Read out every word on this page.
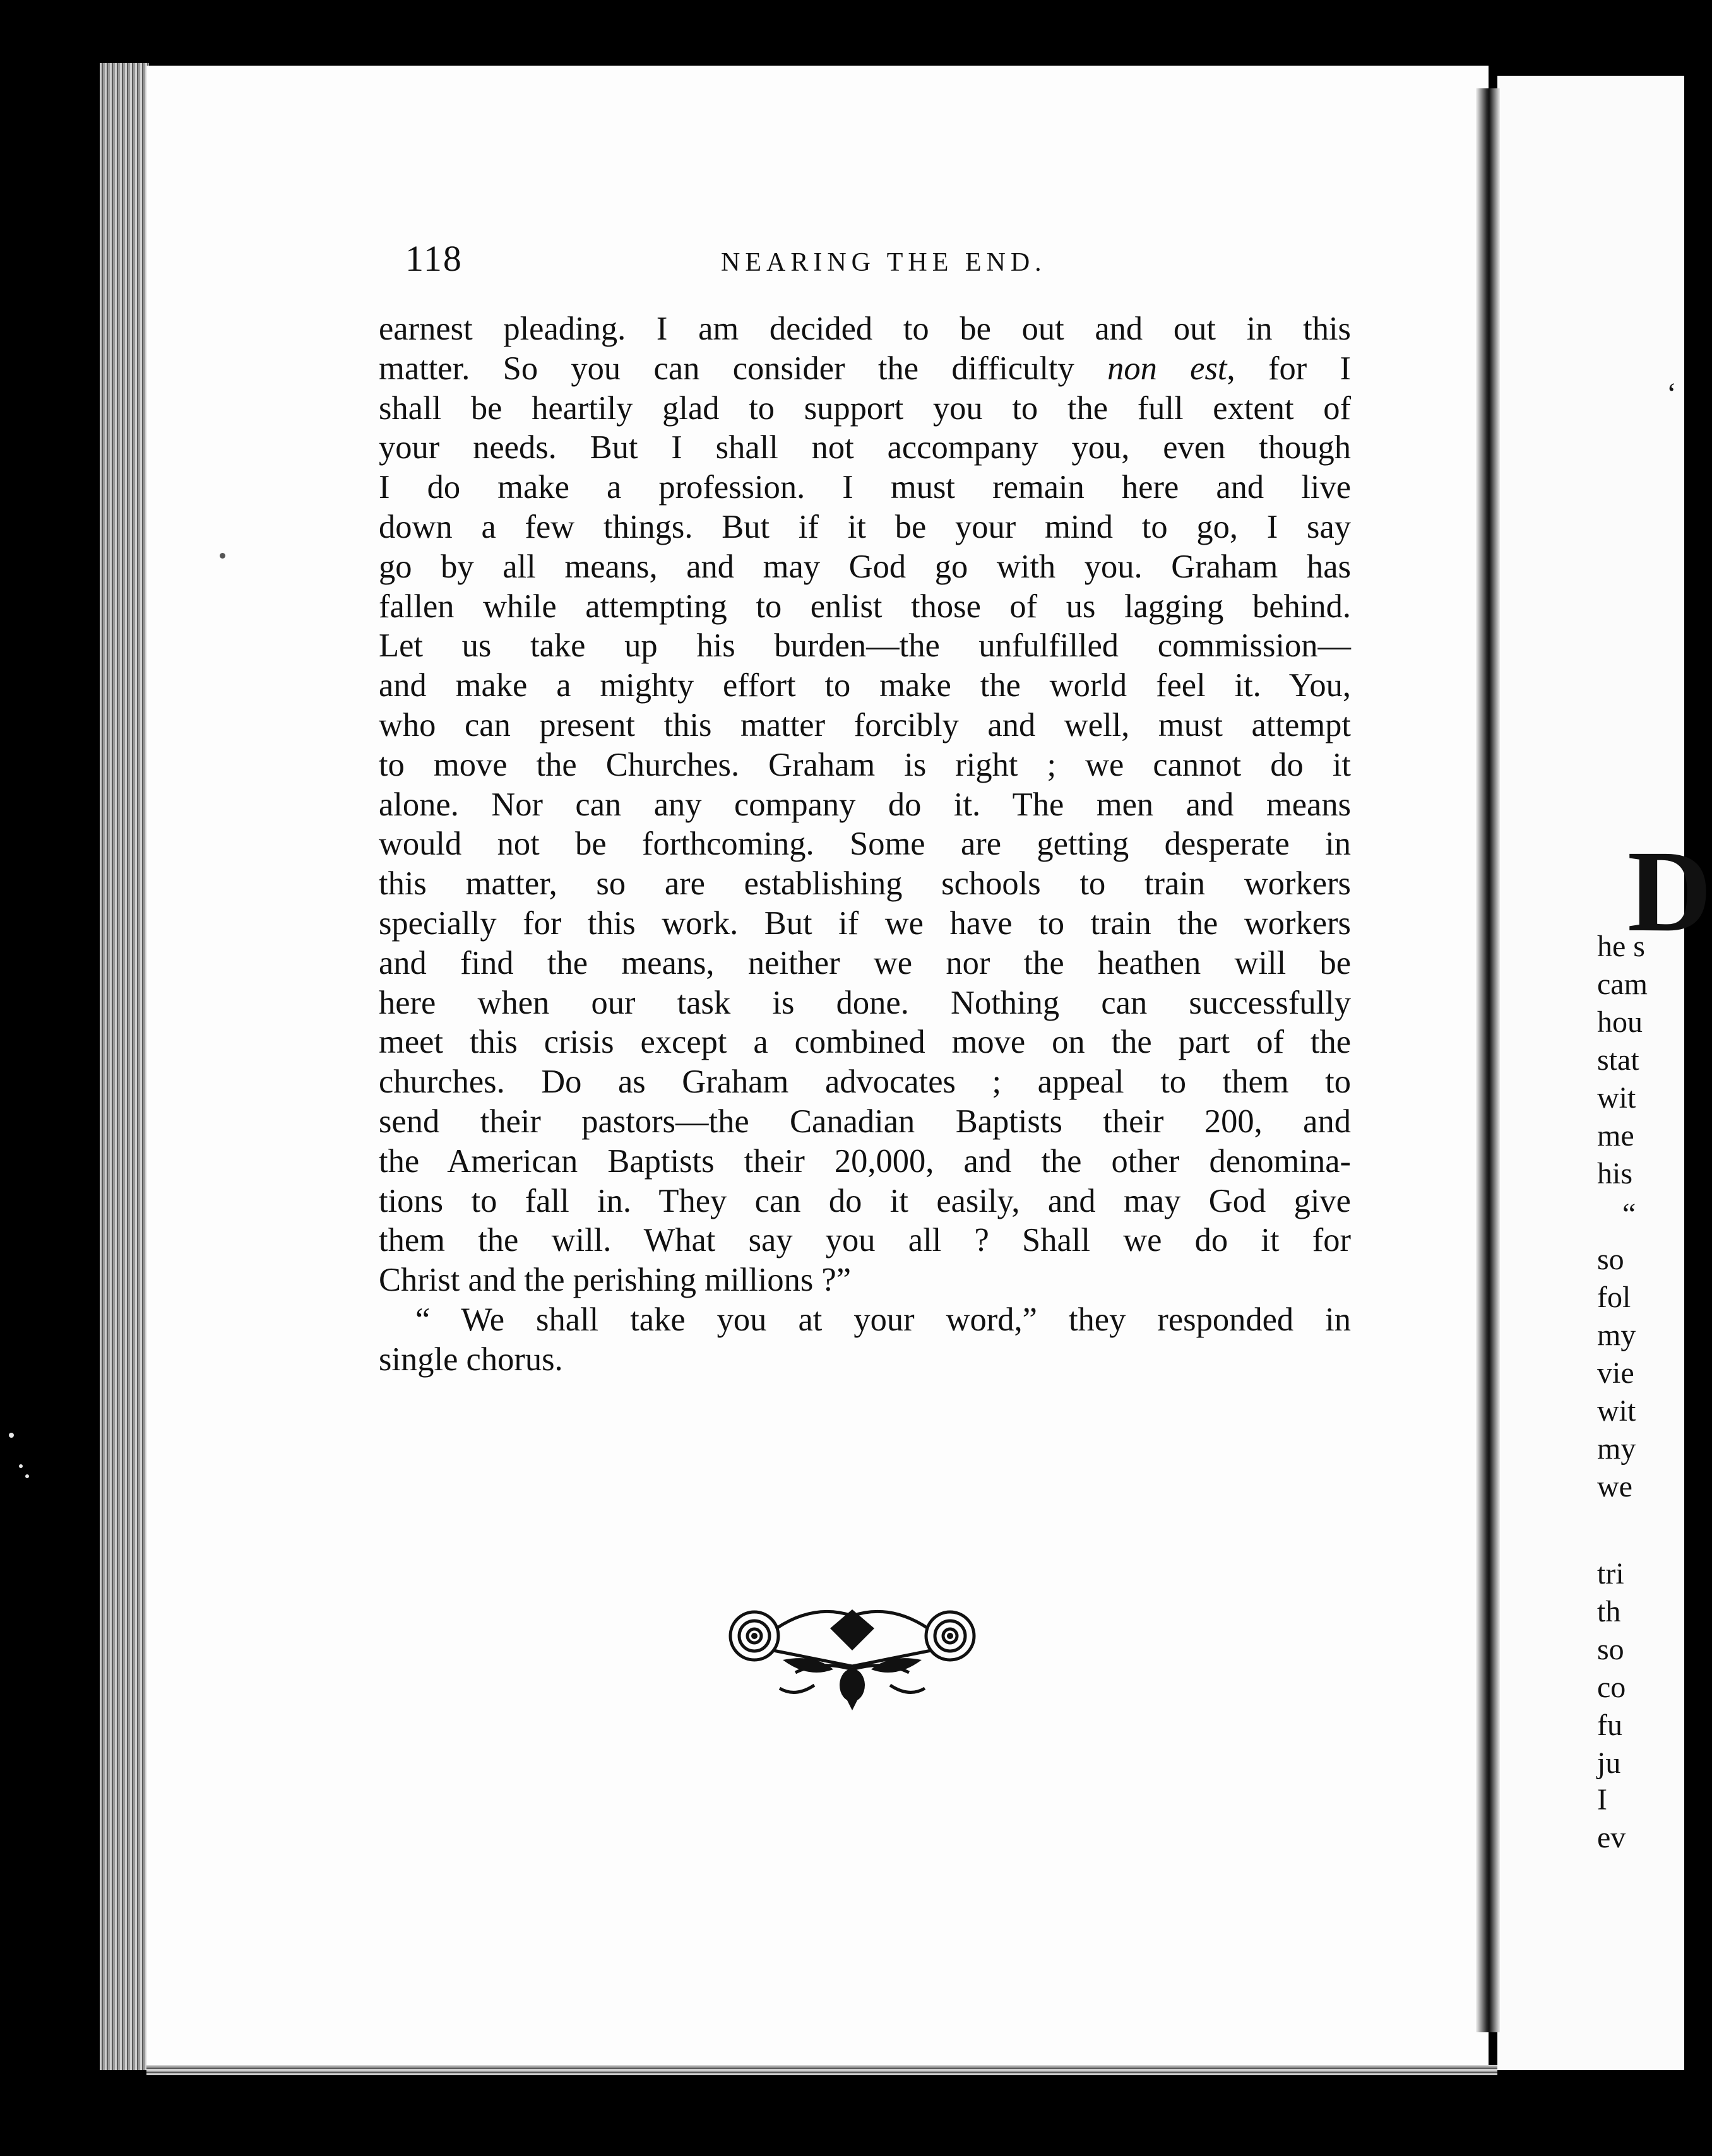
118	NEARING THE END.
earnest pleading. I am decided to be out and out in this
matter. So you can consider the difficulty non est, for I
shall be heartily glad to support you to the full extent of
your needs. But I shall not accompany you, even though
I do make a profession. I must remain here and live
down a few things. But if it be your mind to go, I say
go by all means, and may God go with you. Graham has
fallen while attempting to enlist those of us lagging behind.
Let us take up his burden—the unfulfilled commission—
and make a mighty effort to make the world feel it. You,
who can present this matter forcibly and well, must attempt
to move the Churches. Graham is right ; we cannot do it
alone. Nor can any company do it. The men and means
would not be forthcoming. Some are getting desperate in
this matter, so are establishing schools to train workers
specially for this work. But if we have to train the workers
and find the means, neither we nor the heathen will be
here when our task is done. Nothing can successfully
meet this crisis except a combined move on the part of the
churches. Do as Graham advocates ; appeal to them to
send their pastors—the Canadian Baptists their 200, and
the American Baptists their 20,000, and the other denomina-
tions to fall in. They can do it easily, and may God give
them the will. What say you all ? Shall we do it for
Christ and the perishing millions ?”
“ We shall take you at your word,” they responded in
single chorus.
‘
D
he s
cam
hou
stat
wit
me
his
“
so
fol
my
vie
wit
my
we
tri
th
so
co
fu
ju
I
ev
